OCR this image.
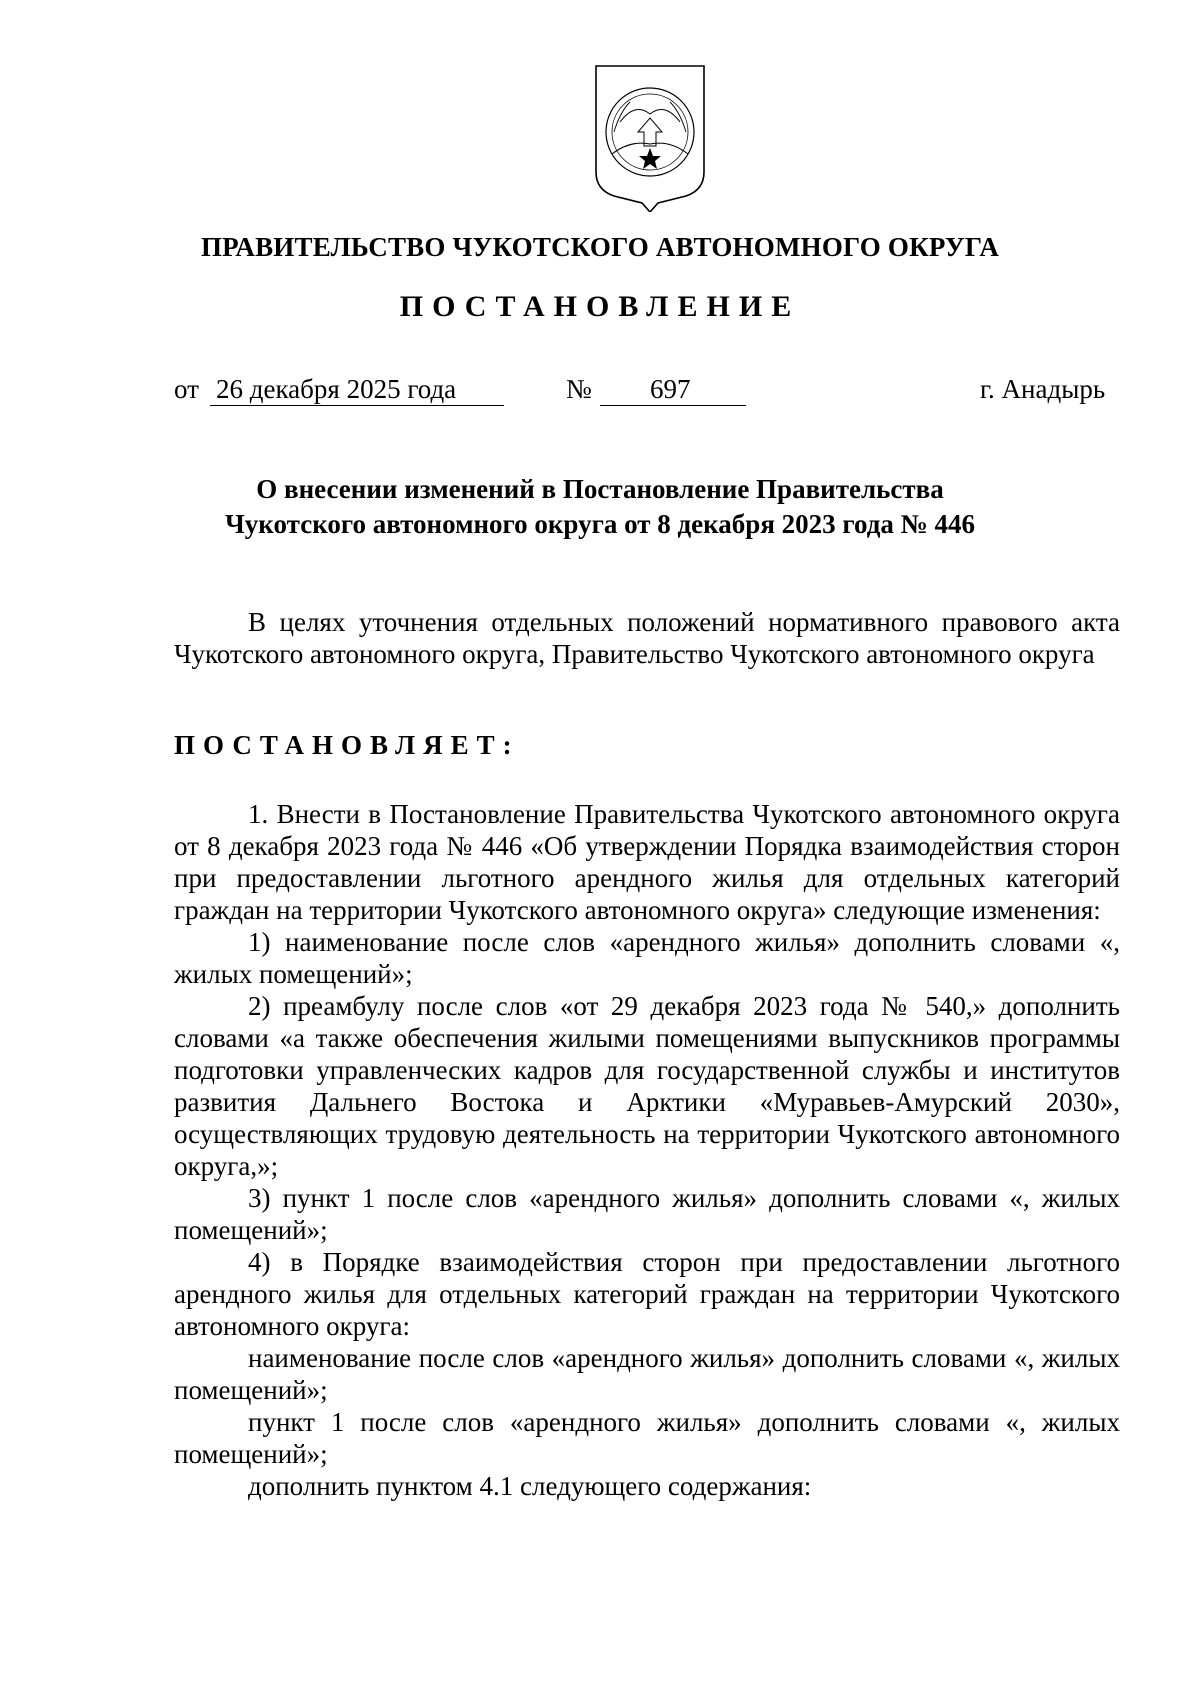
ПРАВИТЕЛЬСТВО ЧУКОТСКОГО АВТОНОМНОГО ОКРУГА
ПОСТАНОВЛЕНИЕ
от 26 декабря 2025 года	№ 697	г. Анадырь
О внесении изменений в Постановление Правительства
Чукотского автономного округа от 8 декабря 2023 года № 446

В целях уточнения отдельных положений нормативного правового акта Чукотского автономного округа, Правительство Чукотского автономного округа

ПОСТАНОВЛЯЕТ:

1. Внести в Постановление Правительства Чукотского автономного округа от 8 декабря 2023 года № 446 «Об утверждении Порядка взаимодействия сторон при предоставлении льготного арендного жилья для отдельных категорий граждан на территории Чукотского автономного округа» следующие изменения:

1) наименование после слов «арендного жилья» дополнить словами «, жилых помещений»;

2) преамбулу после слов «от 29 декабря 2023 года № 540,» дополнить словами «а также обеспечения жилыми помещениями выпускников программы подготовки управленческих кадров для государственной службы и институтов развития Дальнего Востока и Арктики «Муравьев-Амурский 2030», осуществляющих трудовую деятельность на территории Чукотского автономного округа,»;

3) пункт 1 после слов «арендного жилья» дополнить словами «, жилых помещений»;

4) в Порядке взаимодействия сторон при предоставлении льготного арендного жилья для отдельных категорий граждан на территории Чукотского автономного округа:

наименование после слов «арендного жилья» дополнить словами «, жилых помещений»;

пункт 1 после слов «арендного жилья» дополнить словами «, жилых помещений»;

дополнить пунктом 4.1 следующего содержания:
